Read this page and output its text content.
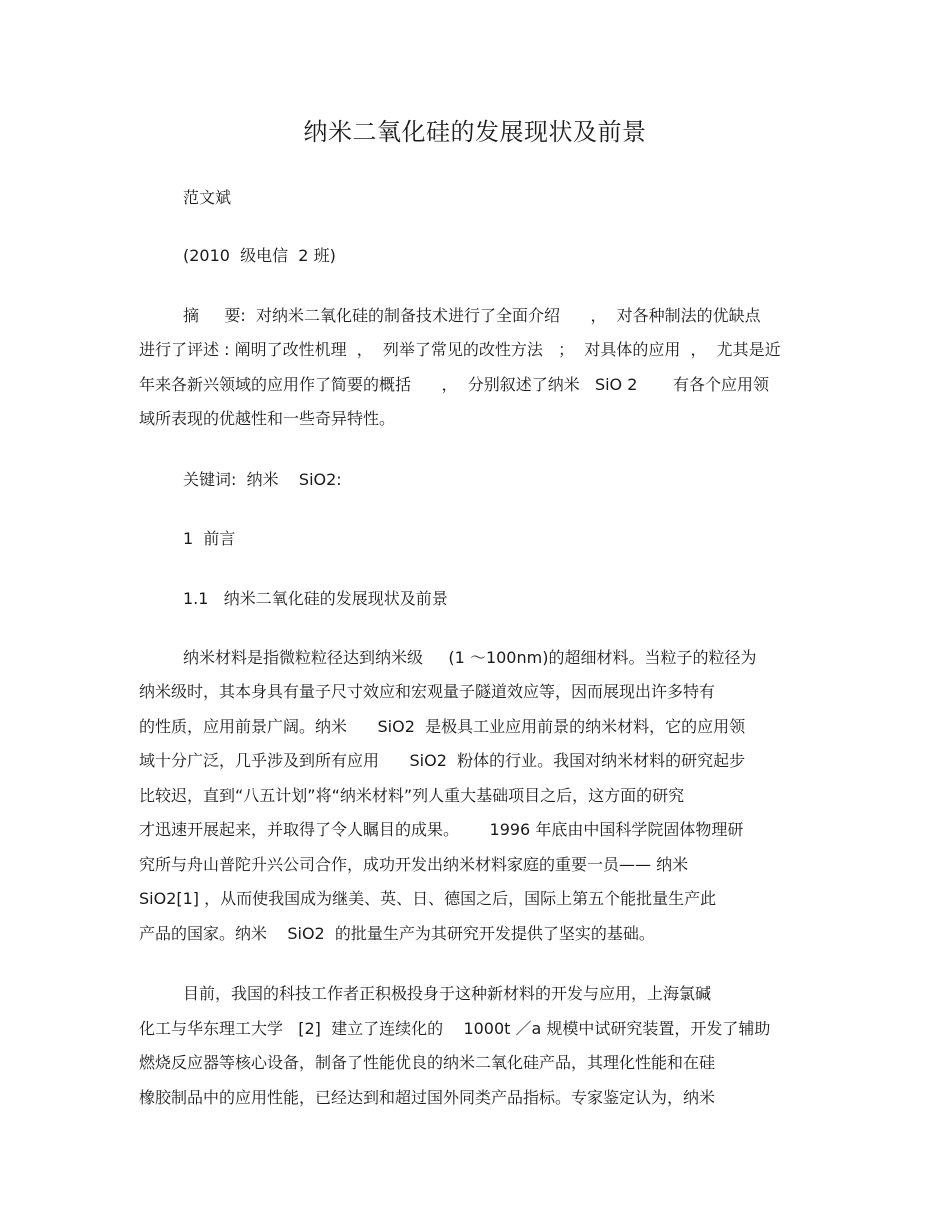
纳米二氧化硅的发展现状及前景
范文斌
(2010  级电信  2 班)
摘     要:  对纳米二氧化硅的制备技术进行了全面介绍      ，  对各种制法的优缺点
进行了评述 : 阐明了改性机理  ，  列举了常见的改性方法   ；  对具体的应用  ，  尤其是近
年来各新兴领域的应用作了简要的概括      ，  分别叙述了纳米   SiO 2       有各个应用领
域所表现的优越性和一些奇异特性。
关键词:  纳米    SiO2:
1  前言
1.1   纳米二氧化硅的发展现状及前景
纳米材料是指微粒粒径达到纳米级     (1 ～100nm)的超细材料。当粒子的粒径为
纳米级时，其本身具有量子尺寸效应和宏观量子隧道效应等，因而展现出许多特有
的性质，应用前景广阔。纳米      SiO2  是极具工业应用前景的纳米材料，它的应用领
域十分广泛，几乎涉及到所有应用      SiO2  粉体的行业。我国对纳米材料的研究起步
比较迟，直到“八五计划”将“纳米材料”列人重大基础项目之后，这方面的研究
才迅速开展起来，并取得了令人瞩目的成果。      1996 年底由中国科学院固体物理研
究所与舟山普陀升兴公司合作，成功开发出纳米材料家庭的重要一员—— 纳米
SiO2[1] ，从而使我国成为继美、英、日、德国之后，国际上第五个能批量生产此
产品的国家。纳米    SiO2  的批量生产为其研究开发提供了坚实的基础。
目前，我国的科技工作者正积极投身于这种新材料的开发与应用，上海氯碱
化工与华东理工大学   [2]  建立了连续化的    1000t ／a 规模中试研究装置，开发了辅助
燃烧反应器等核心设备，制备了性能优良的纳米二氧化硅产品，其理化性能和在硅
橡胶制品中的应用性能，已经达到和超过国外同类产品指标。专家鉴定认为，纳米
